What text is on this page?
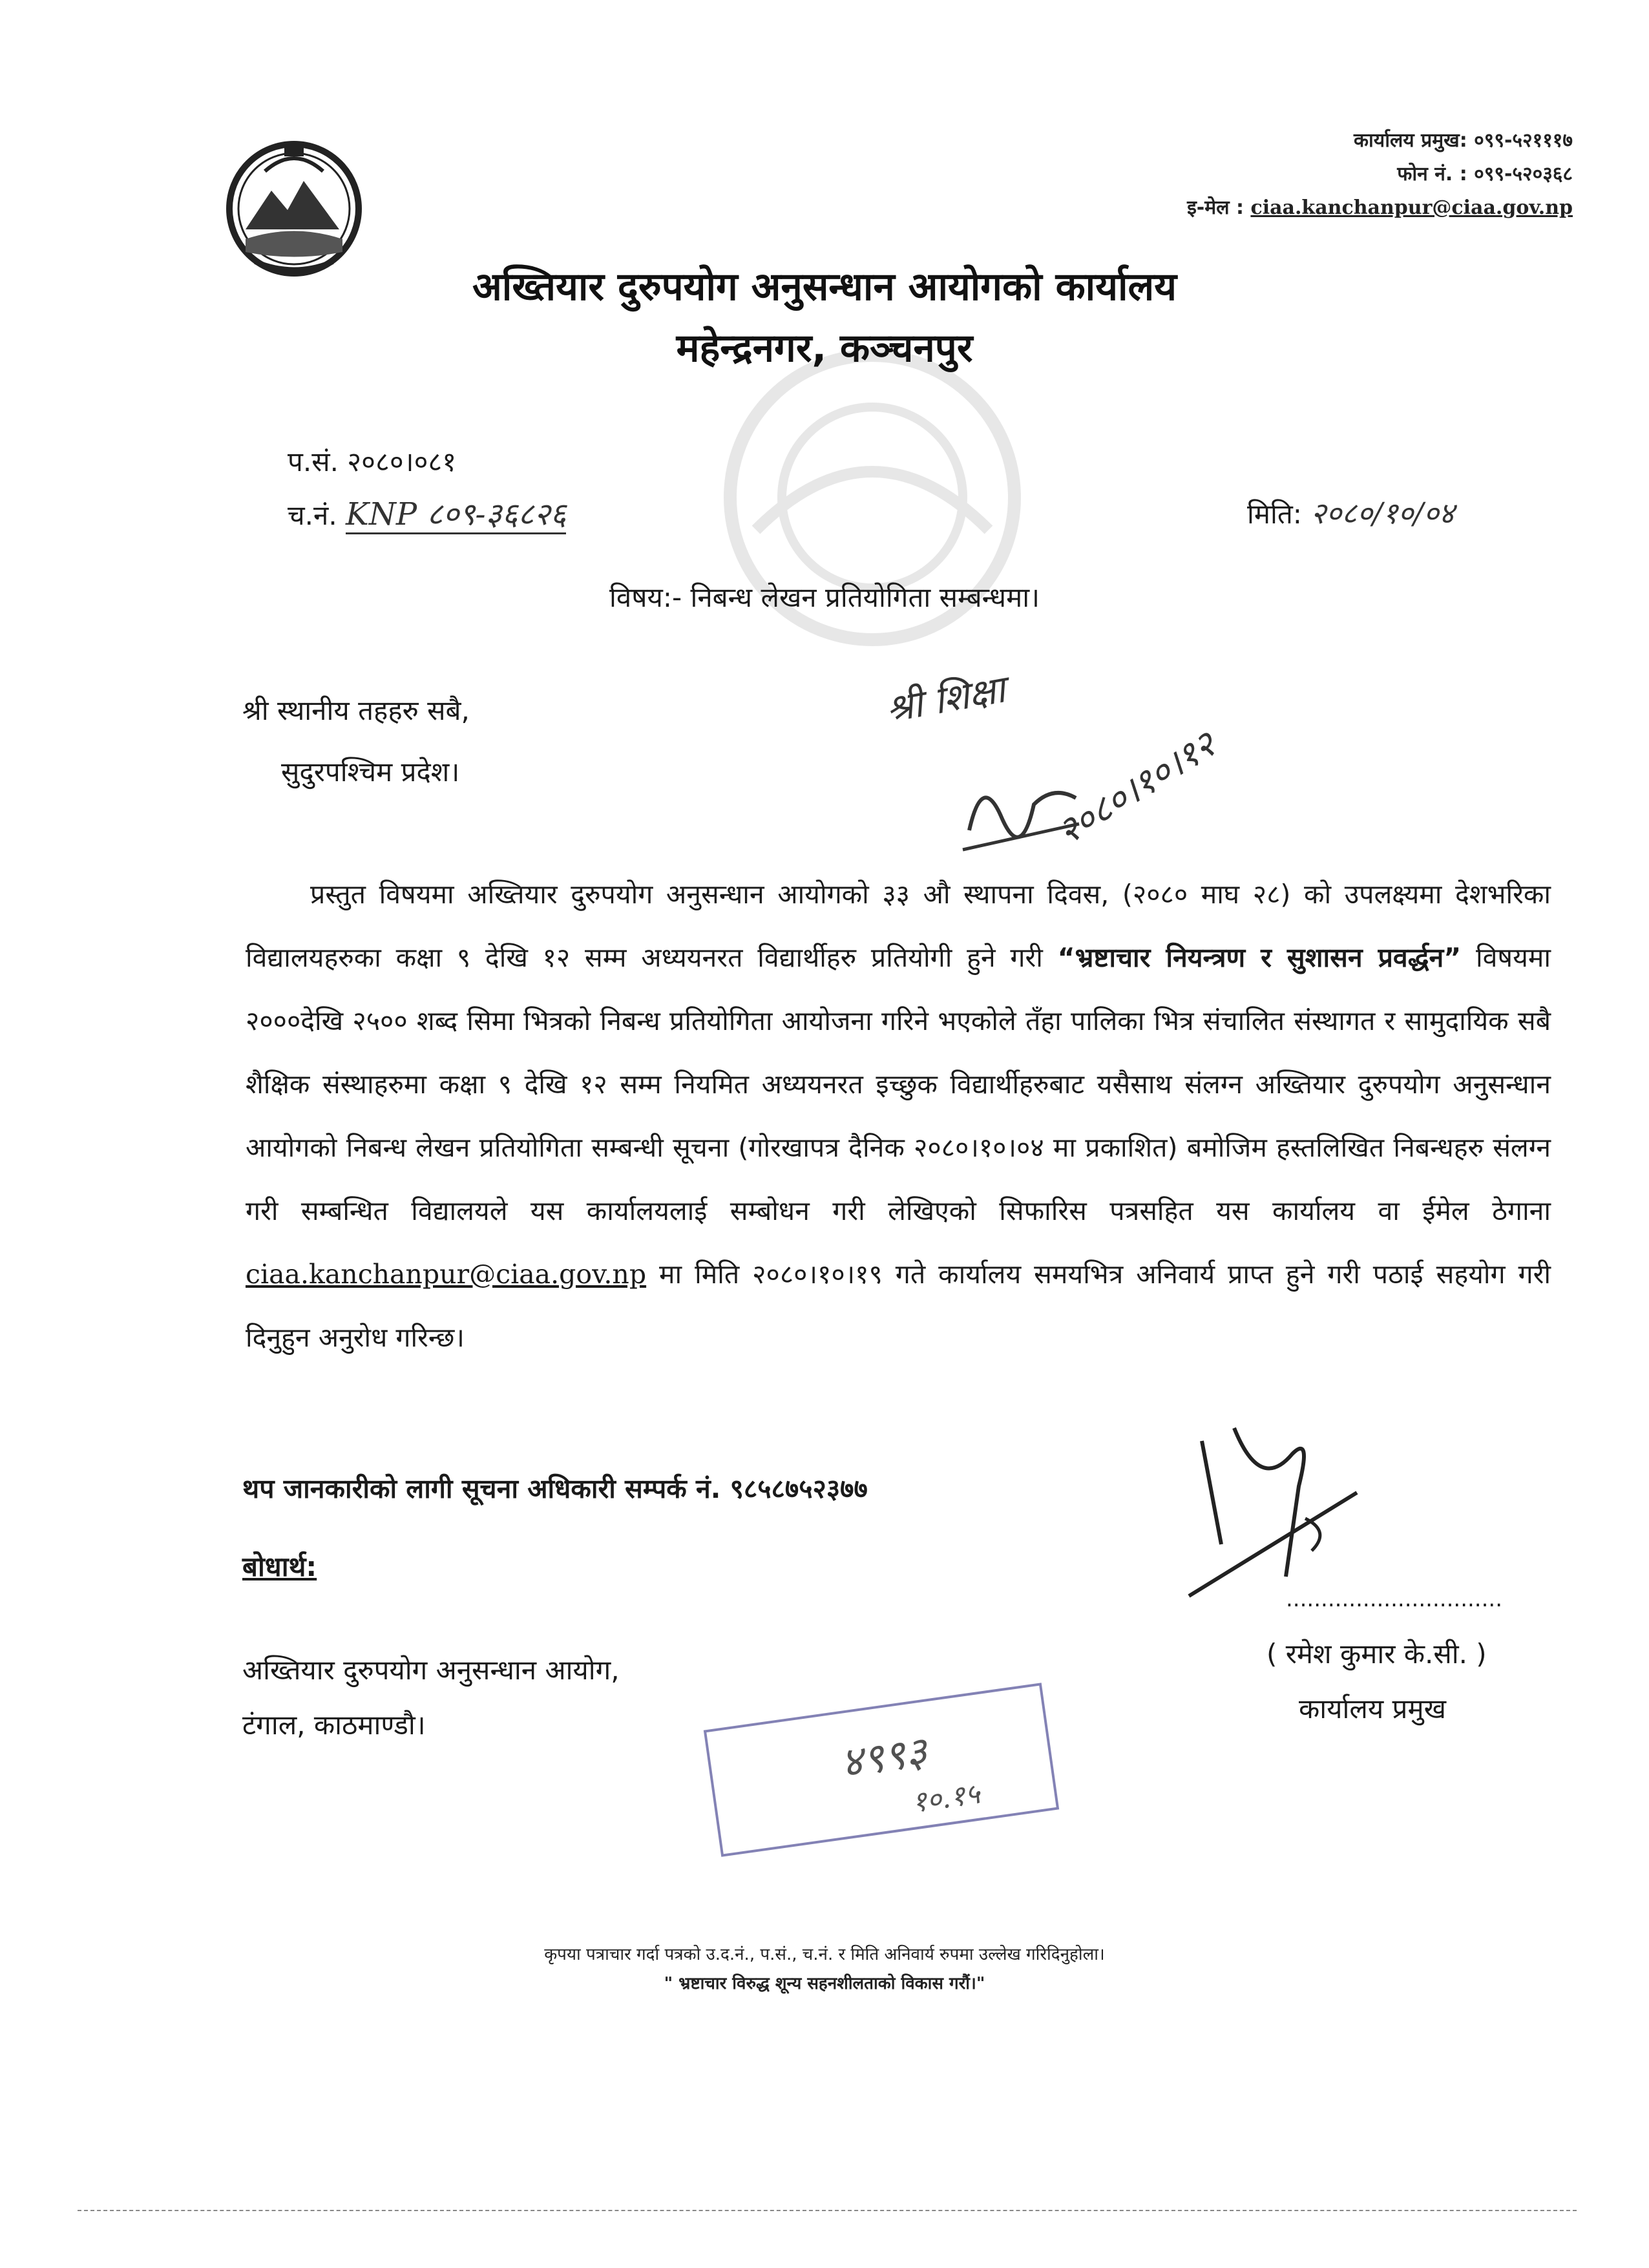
कार्यालय प्रमुख: ०९९-५२१११७
फोन नं. : ०९९-५२०३६८
इ-मेल : ciaa.kanchanpur@ciaa.gov.np
अख्तियार दुरुपयोग अनुसन्धान आयोगको कार्यालय
महेन्द्रनगर, कञ्चनपुर
प.सं. २०८०।०८१
च.नं. KNP ८०९-३६८२६	मिति: २०८०/१०/०४
विषय:- निबन्ध लेखन प्रतियोगिता सम्बन्धमा।
श्री स्थानीय तहहरु सबै,
सुदुरपश्चिम प्रदेश।
श्री शिक्षा
२०८०।१०।१२
प्रस्तुत विषयमा अख्तियार दुरुपयोग अनुसन्धान आयोगको ३३ औ स्थापना दिवस, (२०८० माघ २८) को उपलक्ष्यमा देशभरिका विद्यालयहरुका कक्षा ९ देखि १२ सम्म अध्ययनरत विद्यार्थीहरु प्रतियोगी हुने गरी “भ्रष्टाचार नियन्त्रण र सुशासन प्रवर्द्धन” विषयमा २०००देखि २५०० शब्द सिमा भित्रको निबन्ध प्रतियोगिता आयोजना गरिने भएकोले तँहा पालिका भित्र संचालित संस्थागत र सामुदायिक सबै शैक्षिक संस्थाहरुमा कक्षा ९ देखि १२ सम्म नियमित अध्ययनरत इच्छुक विद्यार्थीहरुबाट यसैसाथ संलग्न अख्तियार दुरुपयोग अनुसन्धान आयोगको निबन्ध लेखन प्रतियोगिता सम्बन्धी सूचना (गोरखापत्र दैनिक २०८०।१०।०४ मा प्रकाशित) बमोजिम हस्तलिखित निबन्धहरु संलग्न गरी सम्बन्धित विद्यालयले यस कार्यालयलाई सम्बोधन गरी लेखिएको सिफारिस पत्रसहित यस कार्यालय वा ईमेल ठेगाना ciaa.kanchanpur@ciaa.gov.np मा मिति २०८०।१०।१९ गते कार्यालय समयभित्र अनिवार्य प्राप्त हुने गरी पठाई सहयोग गरी दिनुहुन अनुरोध गरिन्छ।
थप जानकारीको लागी सूचना अधिकारी सम्पर्क नं. ९८५८७५२३७७
बोधार्थ:
अख्तियार दुरुपयोग अनुसन्धान आयोग,
टंगाल, काठमाण्डौ।
...............................
( रमेश कुमार के.सी. )
कार्यालय प्रमुख
४९९३
१०.१५
कृपया पत्राचार गर्दा पत्रको उ.द.नं., प.सं., च.नं. र मिति अनिवार्य रुपमा उल्लेख गरिदिनुहोला।
" भ्रष्टाचार विरुद्ध शून्य सहनशीलताको विकास गरौं।"
